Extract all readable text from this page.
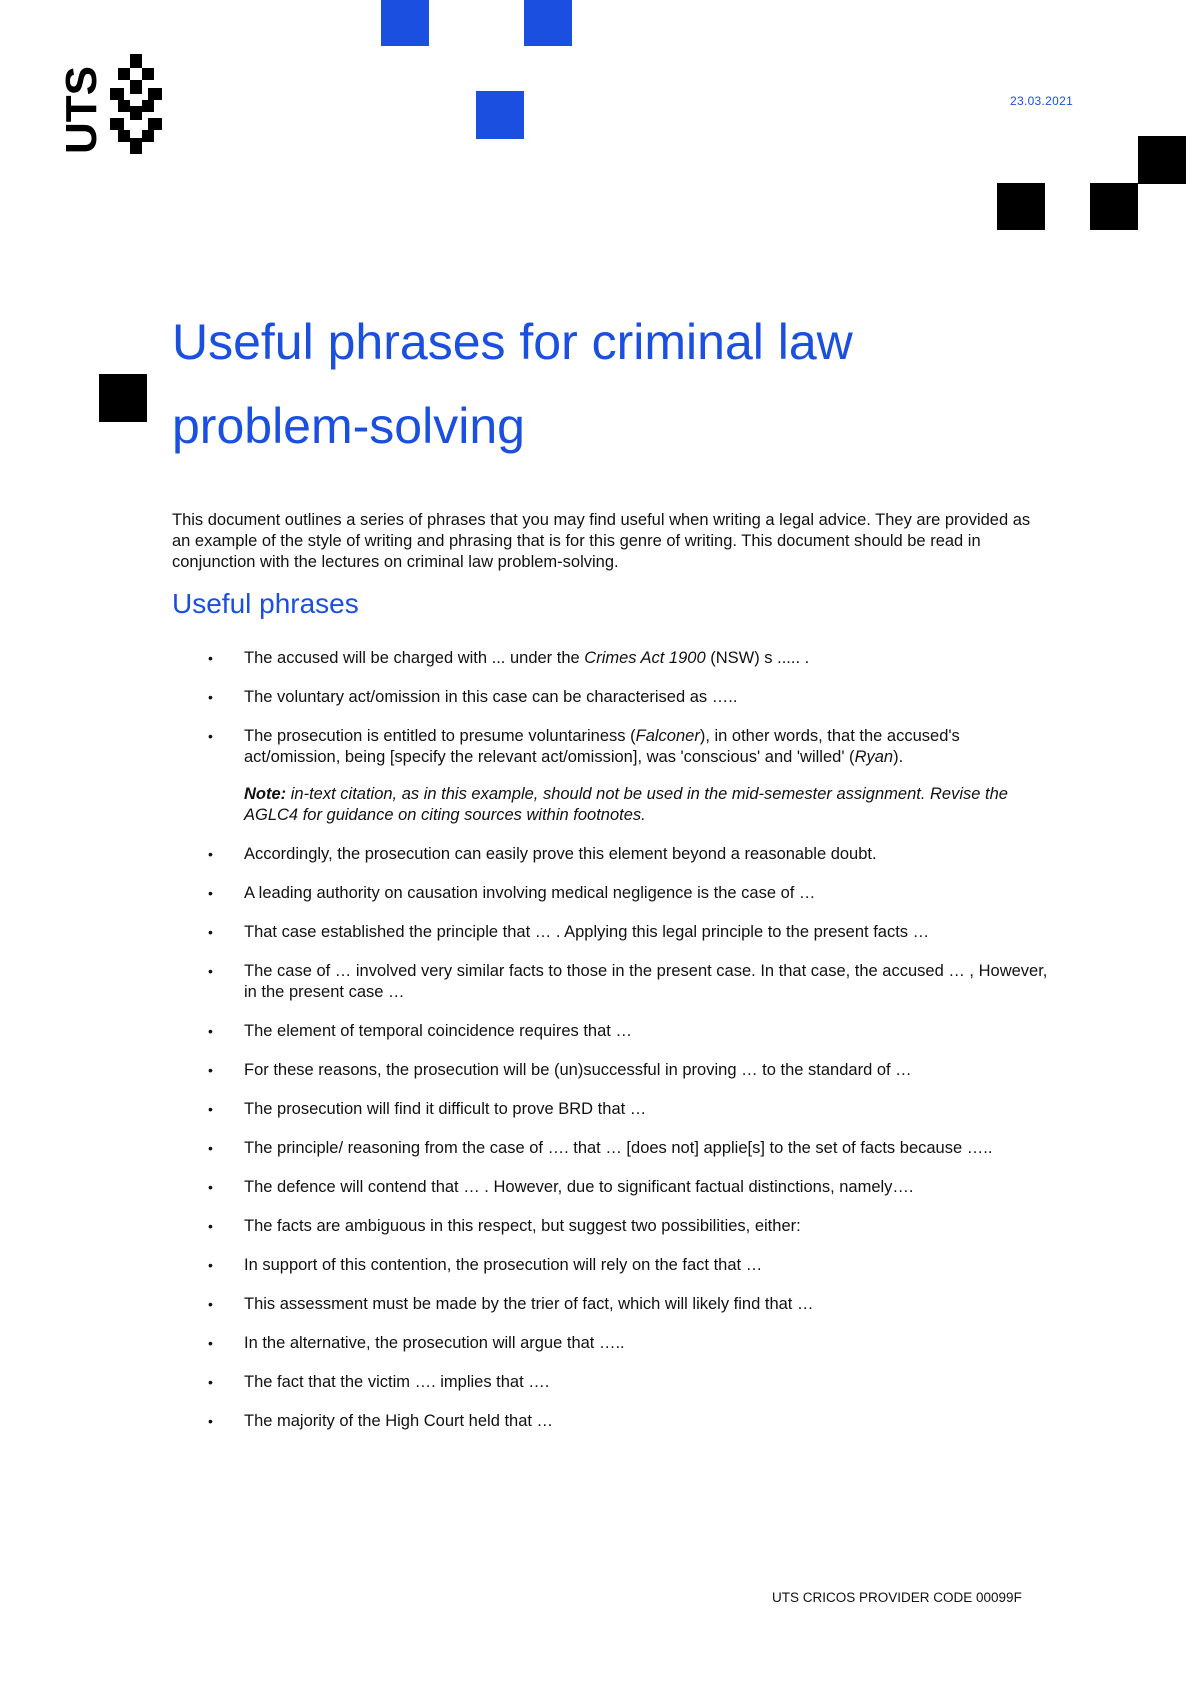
UTS	23.03.2021
Useful phrases for criminal law
problem-solving

This document outlines a series of phrases that you may find useful when writing a legal advice. They are provided as an example of the style of writing and phrasing that is for this genre of writing. This document should be read in conjunction with the lectures on criminal law problem-solving.

Useful phrases
• The accused will be charged with ... under the Crimes Act 1900 (NSW) s ..... .
• The voluntary act/omission in this case can be characterised as …..
• The prosecution is entitled to presume voluntariness (Falconer), in other words, that the accused's act/omission, being [specify the relevant act/omission], was 'conscious' and 'willed' (Ryan).
Note: in-text citation, as in this example, should not be used in the mid-semester assignment. Revise the AGLC4 for guidance on citing sources within footnotes.
• Accordingly, the prosecution can easily prove this element beyond a reasonable doubt.
• A leading authority on causation involving medical negligence is the case of …
• That case established the principle that … . Applying this legal principle to the present facts …
• The case of … involved very similar facts to those in the present case. In that case, the accused … , However, in the present case …
• The element of temporal coincidence requires that …
• For these reasons, the prosecution will be (un)successful in proving … to the standard of …
• The prosecution will find it difficult to prove BRD that …
• The principle/ reasoning from the case of …. that … [does not] applie[s] to the set of facts because …..
• The defence will contend that … . However, due to significant factual distinctions, namely….
• The facts are ambiguous in this respect, but suggest two possibilities, either:
• In support of this contention, the prosecution will rely on the fact that …
• This assessment must be made by the trier of fact, which will likely find that …
• In the alternative, the prosecution will argue that …..
• The fact that the victim …. implies that ….
• The majority of the High Court held that …
UTS CRICOS PROVIDER CODE 00099F
